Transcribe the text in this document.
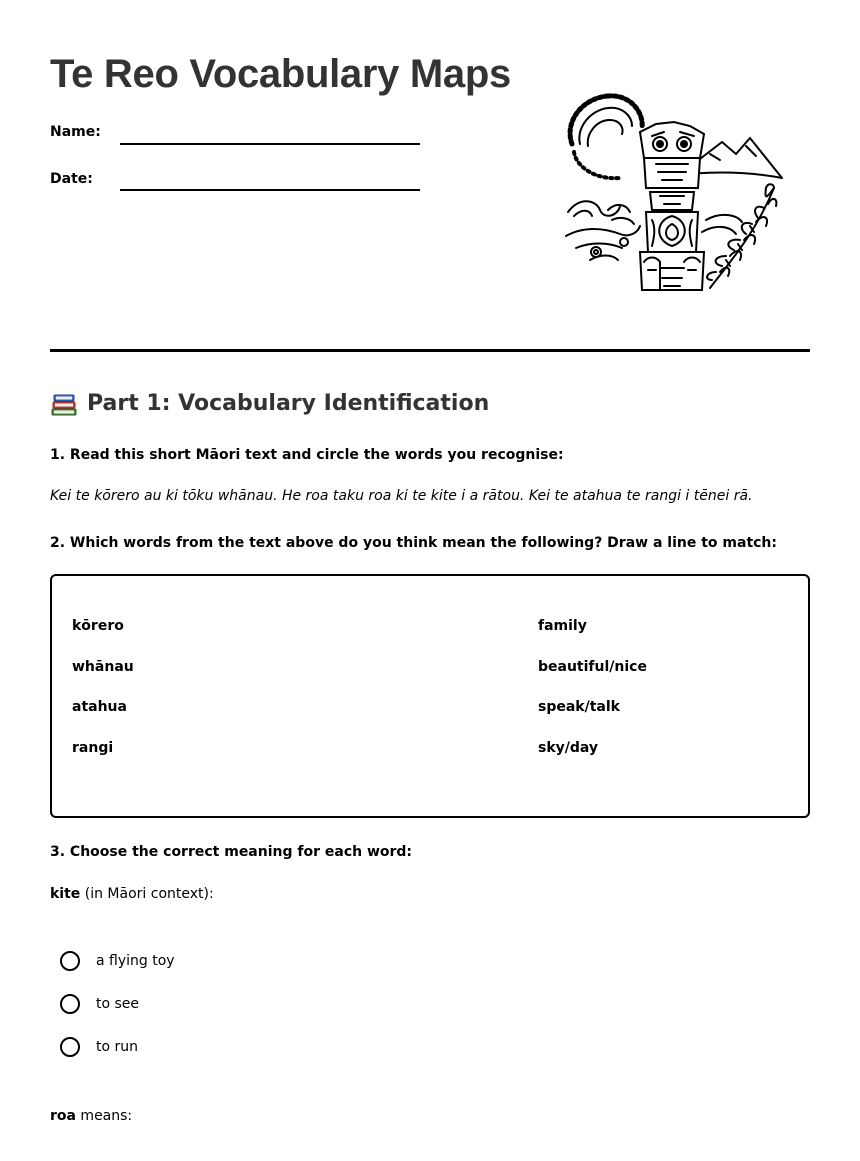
Te Reo Vocabulary Maps
Name:
Date:
Part 1: Vocabulary Identification
1. Read this short Māori text and circle the words you recognise:
Kei te kōrero au ki tōku whānau. He roa taku roa ki te kite i a rātou. Kei te atahua te rangi i tēnei rā.
2. Which words from the text above do you think mean the following? Draw a line to match:
kōrero
whānau
atahua
rangi
family
beautiful/nice
speak/talk
sky/day
3. Choose the correct meaning for each word:
kite (in Māori context):
a flying toy
to see
to run
roa means:
